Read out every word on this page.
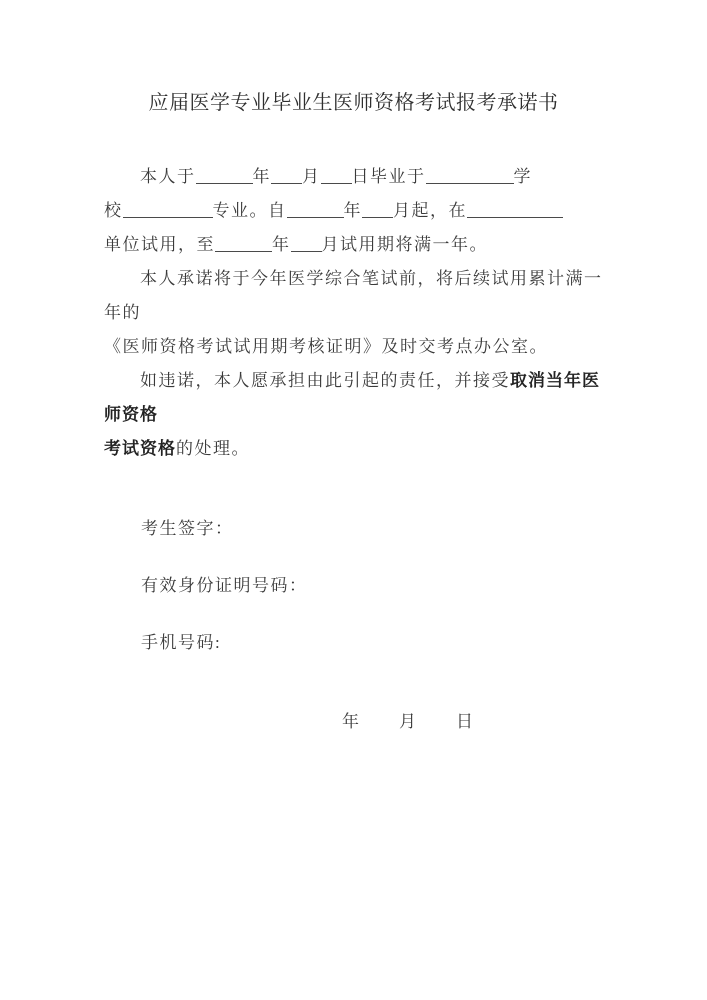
应届医学专业毕业生医师资格考试报考承诺书

本人于	年 月 日毕业于	学
校	专业。自	年 月起，在
单位试用，至	年 月试用期将满一年。

本人承诺将于今年医学综合笔试前，将后续试用累计满一年的
《医师资格考试试用期考核证明》及时交考点办公室。

如违诺，本人愿承担由此引起的责任，并接受取消当年医师资格
考试资格的处理。

考生签字：
有效身份证明号码：
手机号码:
年 月 日
